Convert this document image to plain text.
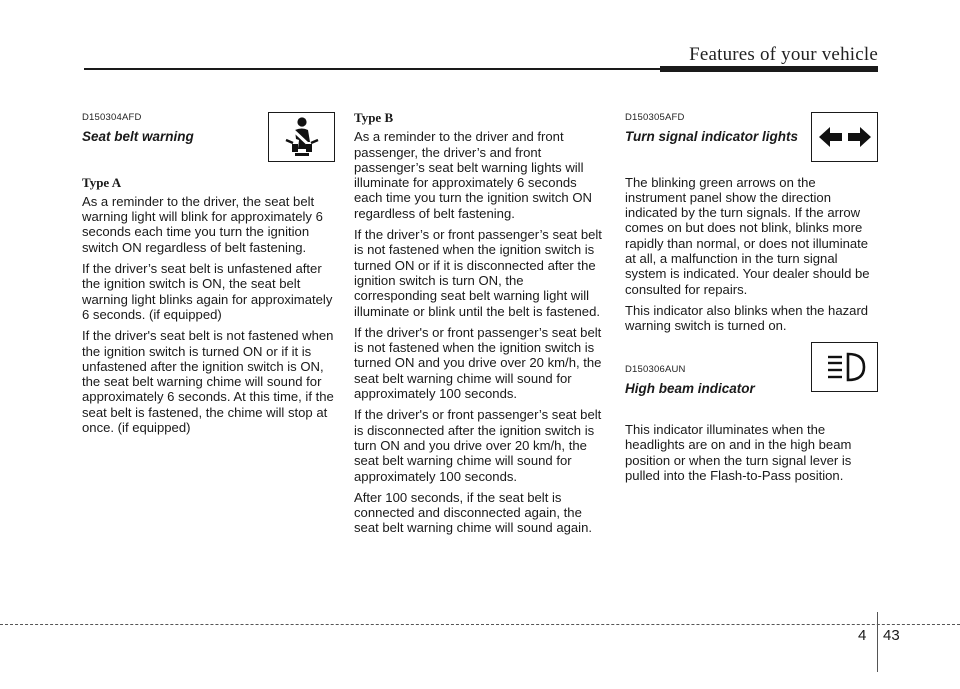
Features of your vehicle
D150304AFD
Seat belt warning
Type A

As a reminder to the driver, the seat belt warning light will blink for approximately 6 seconds each time you turn the ignition switch ON regardless of belt fastening.

If the driver’s seat belt is unfastened after the ignition switch is ON, the seat belt warning light blinks again for approximately 6 seconds. (if equipped)

If the driver's seat belt is not fastened when the ignition switch is turned ON or if it is unfastened after the ignition switch is ON, the seat belt warning chime will sound for approximately 6 seconds. At this time, if the seat belt is fastened, the chime will stop at once. (if equipped)

Type B

As a reminder to the driver and front passenger, the driver’s and front passenger’s seat belt warning lights will illuminate for approximately 6 seconds each time you turn the ignition switch ON regardless of belt fastening.

If the driver’s or front passenger’s seat belt is not fastened when the ignition switch is turned ON or if it is disconnected after the ignition switch is turn ON, the corresponding seat belt warning light will illuminate or blink until the belt is fastened.

If the driver's or front passenger’s seat belt is not fastened when the ignition switch is turned ON and you drive over 20 km/h, the seat belt warning chime will sound for approximately 100 seconds.

If the driver's or front passenger’s seat belt is disconnected after the ignition switch is turn ON and you drive over 20 km/h, the seat belt warning chime will sound for approximately 100 seconds.

After 100 seconds, if the seat belt is connected and disconnected again, the seat belt warning chime will sound again.

D150305AFD
Turn signal indicator lights

The blinking green arrows on the instrument panel show the direction indicated by the turn signals. If the arrow comes on but does not blink, blinks more rapidly than normal, or does not illuminate at all, a malfunction in the turn signal system is indicated. Your dealer should be consulted for repairs.

This indicator also blinks when the hazard warning switch is turned on.

D150306AUN
High beam indicator

This indicator illuminates when the headlights are on and in the high beam position or when the turn signal lever is pulled into the Flash-to-Pass position.

4 43
